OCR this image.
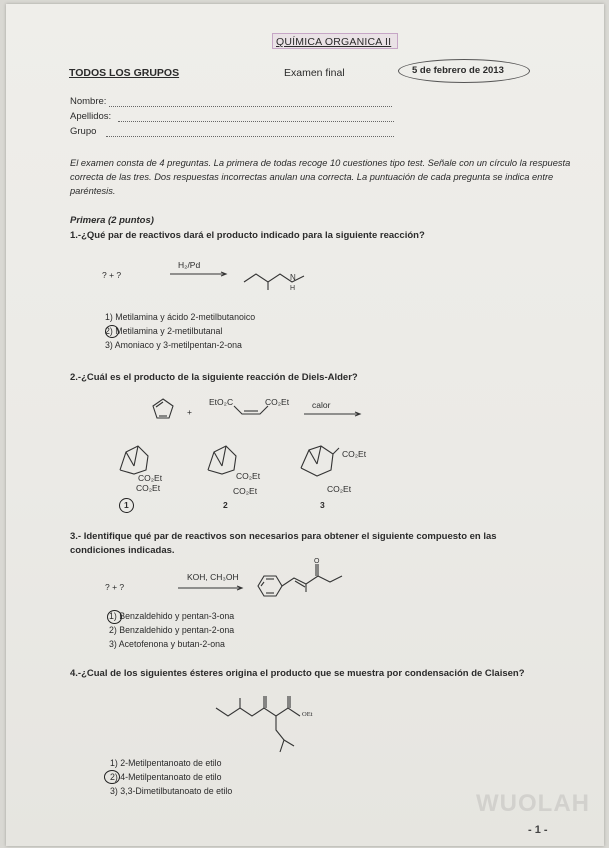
QUÍMICA ORGANICA II
TODOS LOS GRUPOS	Examen final	5 de febrero de 2013
Nombre:
Apellidos:
Grupo
El examen consta de 4 preguntas. La primera de todas recoge 10 cuestiones tipo test. Señale con un círculo la respuesta correcta de las tres. Dos respuestas incorrectas anulan una correcta. La puntuación de cada pregunta se indica entre paréntesis.
Primera (2 puntos)
1.-¿Qué par de reactivos dará el producto indicado para la siguiente reacción?
? + ?
H₂/Pd
N
H
1) Metilamina y ácido 2-metilbutanoico
2) Metilamina y 2-metilbutanal
3) Amoniaco y 3-metilpentan-2-ona
2.-¿Cuál es el producto de la siguiente reacción de Diels-Alder?
+
EtO₂C	CO₂Et	calor
CO₂Et
CO₂Et
1
CO₂Et
CO₂Et
2
CO₂Et
CO₂Et
3
3.- Identifique qué par de reactivos son necesarios para obtener el siguiente compuesto en las condiciones indicadas.
? + ?
KOH, CH₃OH
O
1) Benzaldehido y pentan-3-ona
2) Benzaldehido y pentan-2-ona
3) Acetofenona y butan-2-ona
4.-¿Cual de los siguientes ésteres origina el producto que se muestra por condensación de Claisen?
OEt
1) 2-Metilpentanoato de etilo
2) 4-Metilpentanoato de etilo
3) 3,3-Dimetilbutanoato de etilo	WUOLAH
- 1 -
